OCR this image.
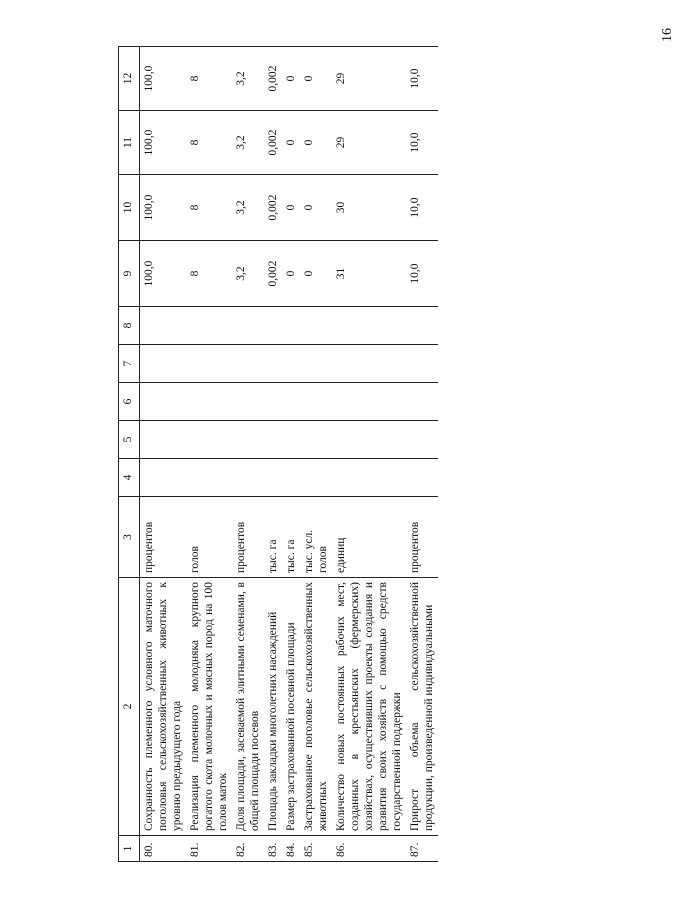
16
1	2	3	4	5	6	7	8	9	10	11	12
80.	Сохранность племенного условного маточного поголовья сельскохозяйственных животных к уровню предыдущего года	процентов						100,0	100,0	100,0	100,0
81.	Реализация племенного молодняка крупного рогатого скота молочных и мясных пород на 100 голов маток	голов						8	8	8	8
82.	Доля площади, засеваемой элитными семенами, в общей площади посевов	процентов						3,2	3,2	3,2	3,2
83.	Площадь закладки многолетних насаждений	тыс. га						0,002	0,002	0,002	0,002
84.	Размер застрахованной посевной площади	тыс. га						0	0	0	0
85.	Застрахованное поголовье сельскохозяйственных животных	тыс. усл. голов						0	0	0	0
86.	Количество новых постоянных рабочих мест, созданных в крестьянских (фермерских) хозяйствах, осуществивших проекты создания и развития своих хозяйств с помощью средств государственной поддержки	единиц						31	30	29	29
87.	Прирост объема сельскохозяйственной продукции, произведенной индивидуальными	процентов						10,0	10,0	10,0	10,0
